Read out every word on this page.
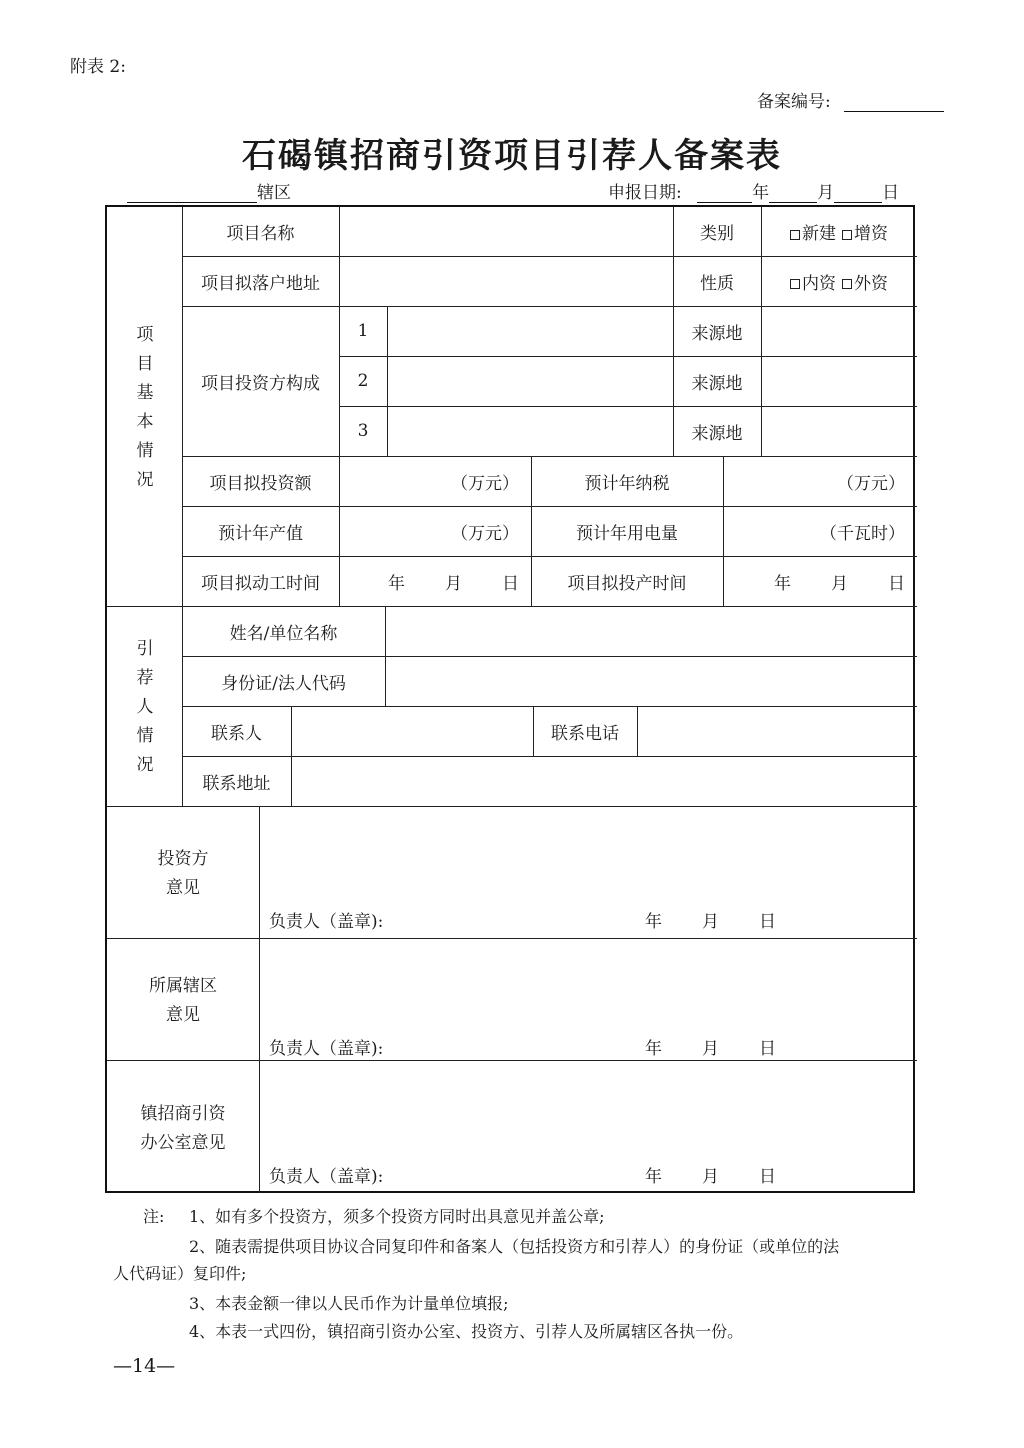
附表 2:
备案编号:
石碣镇招商引资项目引荐人备案表
辖区	申报日期:	年	月	日
项
目
基
本
情
况
项目名称	类别	新建	增资
项目拟落户地址	性质	内资	外资
项目投资方构成
1	来源地
2	来源地
3	来源地
项目拟投资额	（万元）	预计年纳税	（万元）
预计年产值	（万元）	预计年用电量	（千瓦时）
项目拟动工时间	年 月 日	项目拟投产时间	年 月 日
引
荐
人
情
况
姓名/单位名称
身份证/法人代码
联系人	联系电话
联系地址
投资方
意见
负责人（盖章):	年 月 日
所属辖区
意见
负责人（盖章):	年 月 日
镇招商引资
办公室意见
负责人（盖章):	年 月 日
注: 1、如有多个投资方，须多个投资方同时出具意见并盖公章;
2、随表需提供项目协议合同复印件和备案人（包括投资方和引荐人）的身份证（或单位的法
人代码证）复印件;
3、本表金额一律以人民币作为计量单位填报;
4、本表一式四份，镇招商引资办公室、投资方、引荐人及所属辖区各执一份。
—14—
